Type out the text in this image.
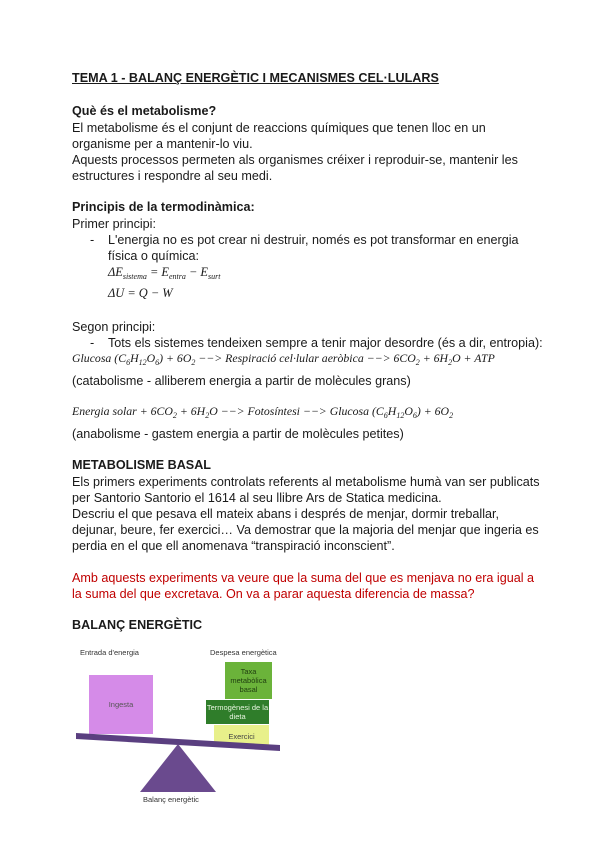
TEMA 1 - BALANÇ ENERGÈTIC I MECANISMES CEL·LULARS
Què és el metabolisme?
El metabolisme és el conjunt de reaccions químiques que tenen lloc en un
organisme per a mantenir-lo viu.
Aquests processos permeten als organismes créixer i reproduir-se, mantenir les
estructures i respondre al seu medi.
Principis de la termodinàmica:
Primer principi:
- L'energia no es pot crear ni destruir, només es pot transformar en energia
física o química:
$\Delta E_{sistema} = E_{entra} - E_{surt}$
ΔU = Q − W
Segon principi:
- Tots els sistemes tendeixen sempre a tenir major desordre (és a dir, entropia):
Glucosa $(C_6H_{12}O_6) + 6O_2$ −−> Respiració cel·lular aeròbica −−> $6CO_2 + 6H_2O$ + ATP
(catabolisme - alliberem energia a partir de molècules grans)
Energia solar + $6CO_2 + 6H_2O$ −−> Fotosíntesi −−> Glucosa $(C_6H_{12}O_6) + 6O_2$
(anabolisme - gastem energia a partir de molècules petites)
METABOLISME BASAL
Els primers experiments controlats referents al metabolisme humà van ser publicats
per Santorio Santorio el 1614 al seu llibre Ars de Statica medicina.
Descriu el que pesava ell mateix abans i després de menjar, dormir treballar,
dejunar, beure, fer exercici… Va demostrar que la majoria del menjar que ingeria es
perdia en el que ell anomenava “transpiració inconscient”.
Amb aquests experiments va veure que la suma del que es menjava no era igual a
la suma del que excretava. On va a parar aquesta diferencia de massa?
BALANÇ ENERGÈTIC
Entrada d'energia	Despesa energètica
Ingesta
Taxa metabòlica
basal
Termogènesi de la
dieta
Exercici
Balanç energètic
